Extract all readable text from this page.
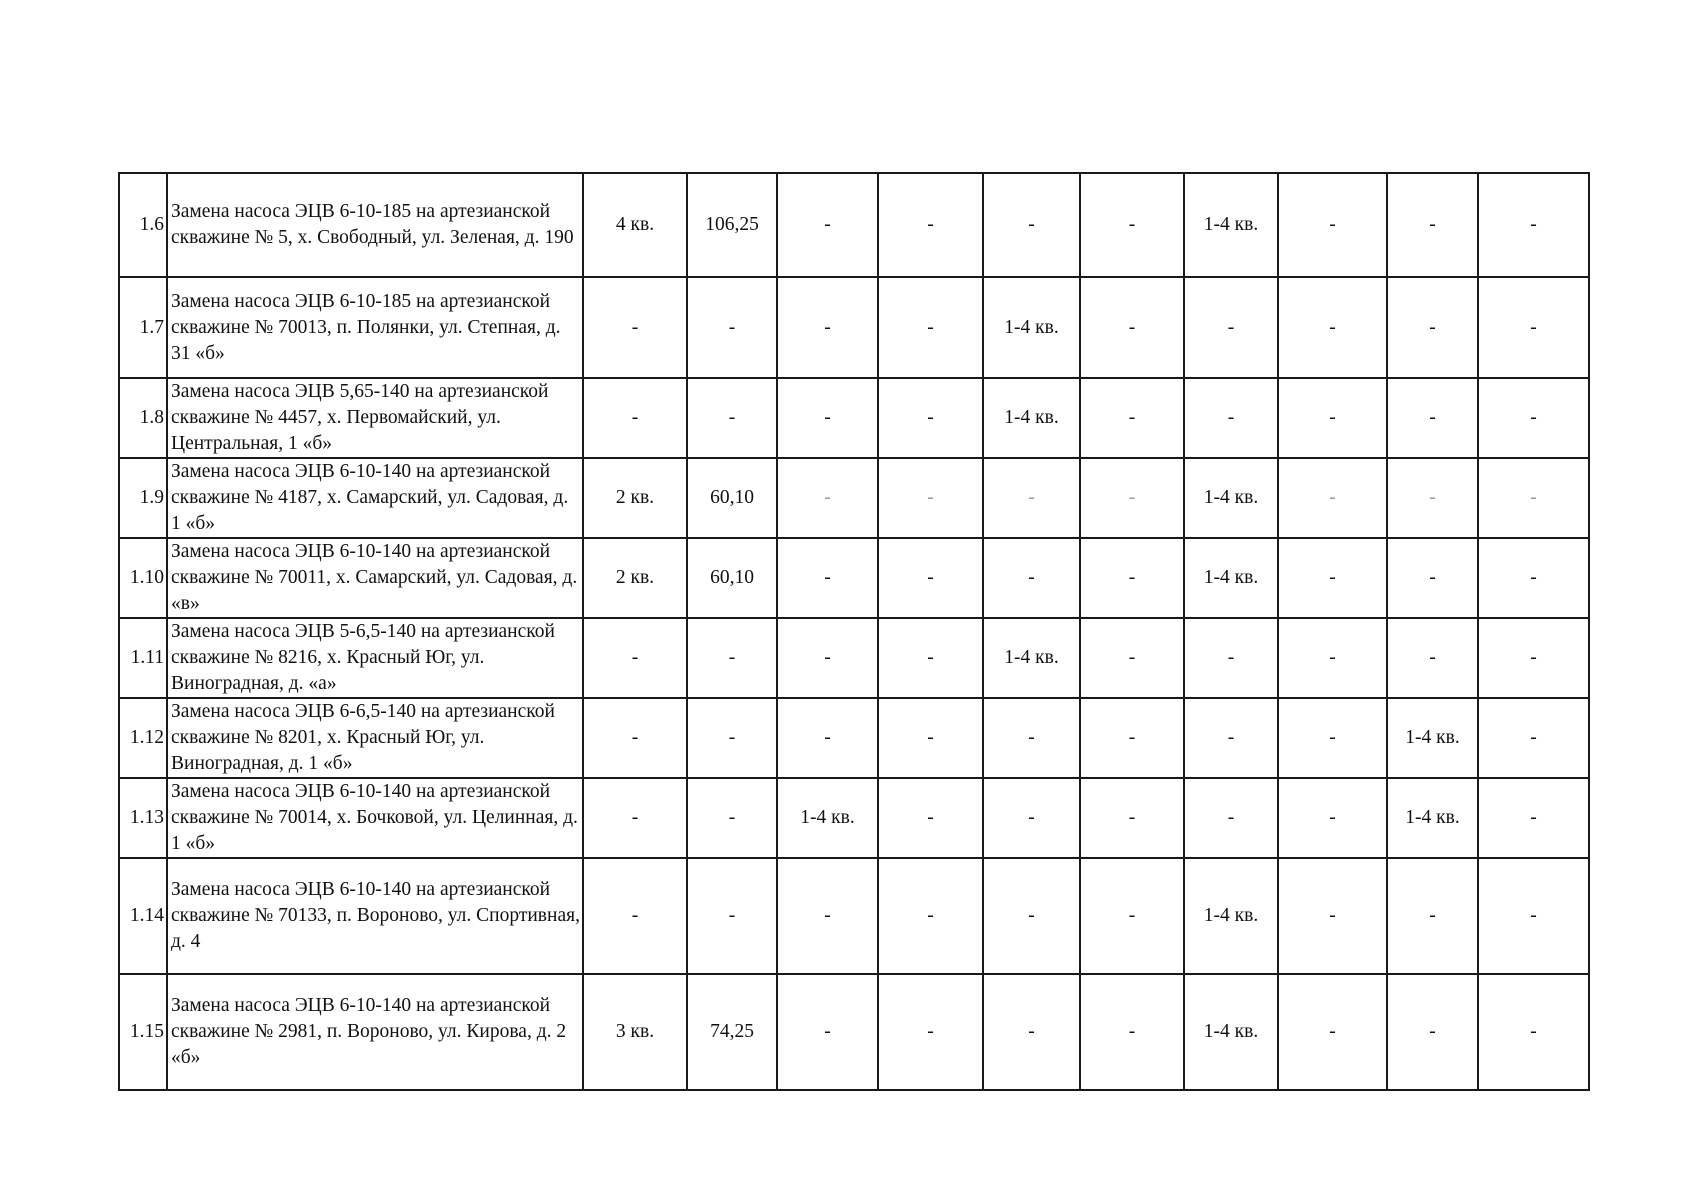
1.6	Замена насоса ЭЦВ 6-10-185 на артезианской скважине № 5, х. Свободный, ул. Зеленая, д. 190	4 кв.	106,25	-	-	-	-	1-4 кв.	-	-	-
1.7	Замена насоса ЭЦВ 6-10-185 на артезианской скважине № 70013, п. Полянки, ул. Степная, д. 31 «б»	-	-	-	-	1-4 кв.	-	-	-	-	-
1.8	Замена насоса ЭЦВ 5,65-140 на артезианской скважине № 4457, х. Первомайский, ул. Центральная, 1 «б»	-	-	-	-	1-4 кв.	-	-	-	-	-
1.9	Замена насоса ЭЦВ 6-10-140 на артезианской скважине № 4187, х. Самарский, ул. Садовая, д. 1 «б»	2 кв.	60,10	-	-	-	-	1-4 кв.	-	-	-
1.10	Замена насоса ЭЦВ 6-10-140 на артезианской скважине № 70011, х. Самарский, ул. Садовая, д. «в»	2 кв.	60,10	-	-	-	-	1-4 кв.	-	-	-
1.11	Замена насоса ЭЦВ 5-6,5-140 на артезианской скважине № 8216, х. Красный Юг, ул. Виноградная, д. «а»	-	-	-	-	1-4 кв.	-	-	-	-	-
1.12	Замена насоса ЭЦВ 6-6,5-140 на артезианской скважине № 8201, х. Красный Юг, ул. Виноградная, д. 1 «б»	-	-	-	-	-	-	-	-	1-4 кв.	-
1.13	Замена насоса ЭЦВ 6-10-140 на артезианской скважине № 70014, х. Бочковой, ул. Целинная, д. 1 «б»	-	-	1-4 кв.	-	-	-	-	-	1-4 кв.	-
1.14	Замена насоса ЭЦВ 6-10-140 на артезианской скважине № 70133, п. Вороново, ул. Спортивная, д. 4	-	-	-	-	-	-	1-4 кв.	-	-	-
1.15	Замена насоса ЭЦВ 6-10-140 на артезианской скважине № 2981, п. Вороново, ул. Кирова, д. 2 «б»	3 кв.	74,25	-	-	-	-	1-4 кв.	-	-	-
